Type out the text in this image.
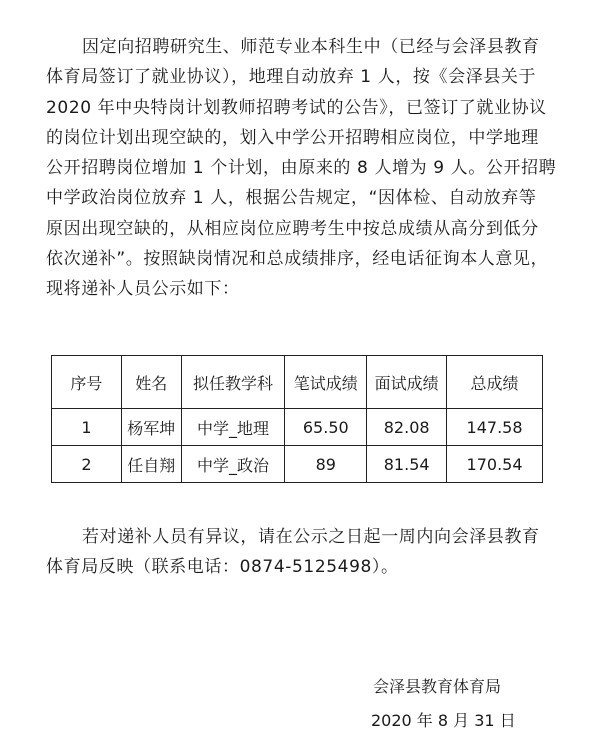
因定向招聘研究生、师范专业本科生中（已经与会泽县教育
体育局签订了就业协议），地理自动放弃 1 人，按《会泽县关于
2020 年中央特岗计划教师招聘考试的公告》，已签订了就业协议
的岗位计划出现空缺的，划入中学公开招聘相应岗位，中学地理
公开招聘岗位增加 1 个计划，由原来的 8 人增为 9 人。公开招聘
中学政治岗位放弃 1 人，根据公告规定，“因体检、自动放弃等
原因出现空缺的，从相应岗位应聘考生中按总成绩从高分到低分
依次递补”。按照缺岗情况和总成绩排序，经电话征询本人意见，
现将递补人员公示如下：
序号	姓名	拟任教学科	笔试成绩	面试成绩	总成绩
1	杨军坤	中学_地理	65.50	82.08	147.58
2	任自翔	中学_政治	89	81.54	170.54
若对递补人员有异议，请在公示之日起一周内向会泽县教育
体育局反映（联系电话：0874-5125498）。

会泽县教育体育局

2020 年 8 月 31 日
